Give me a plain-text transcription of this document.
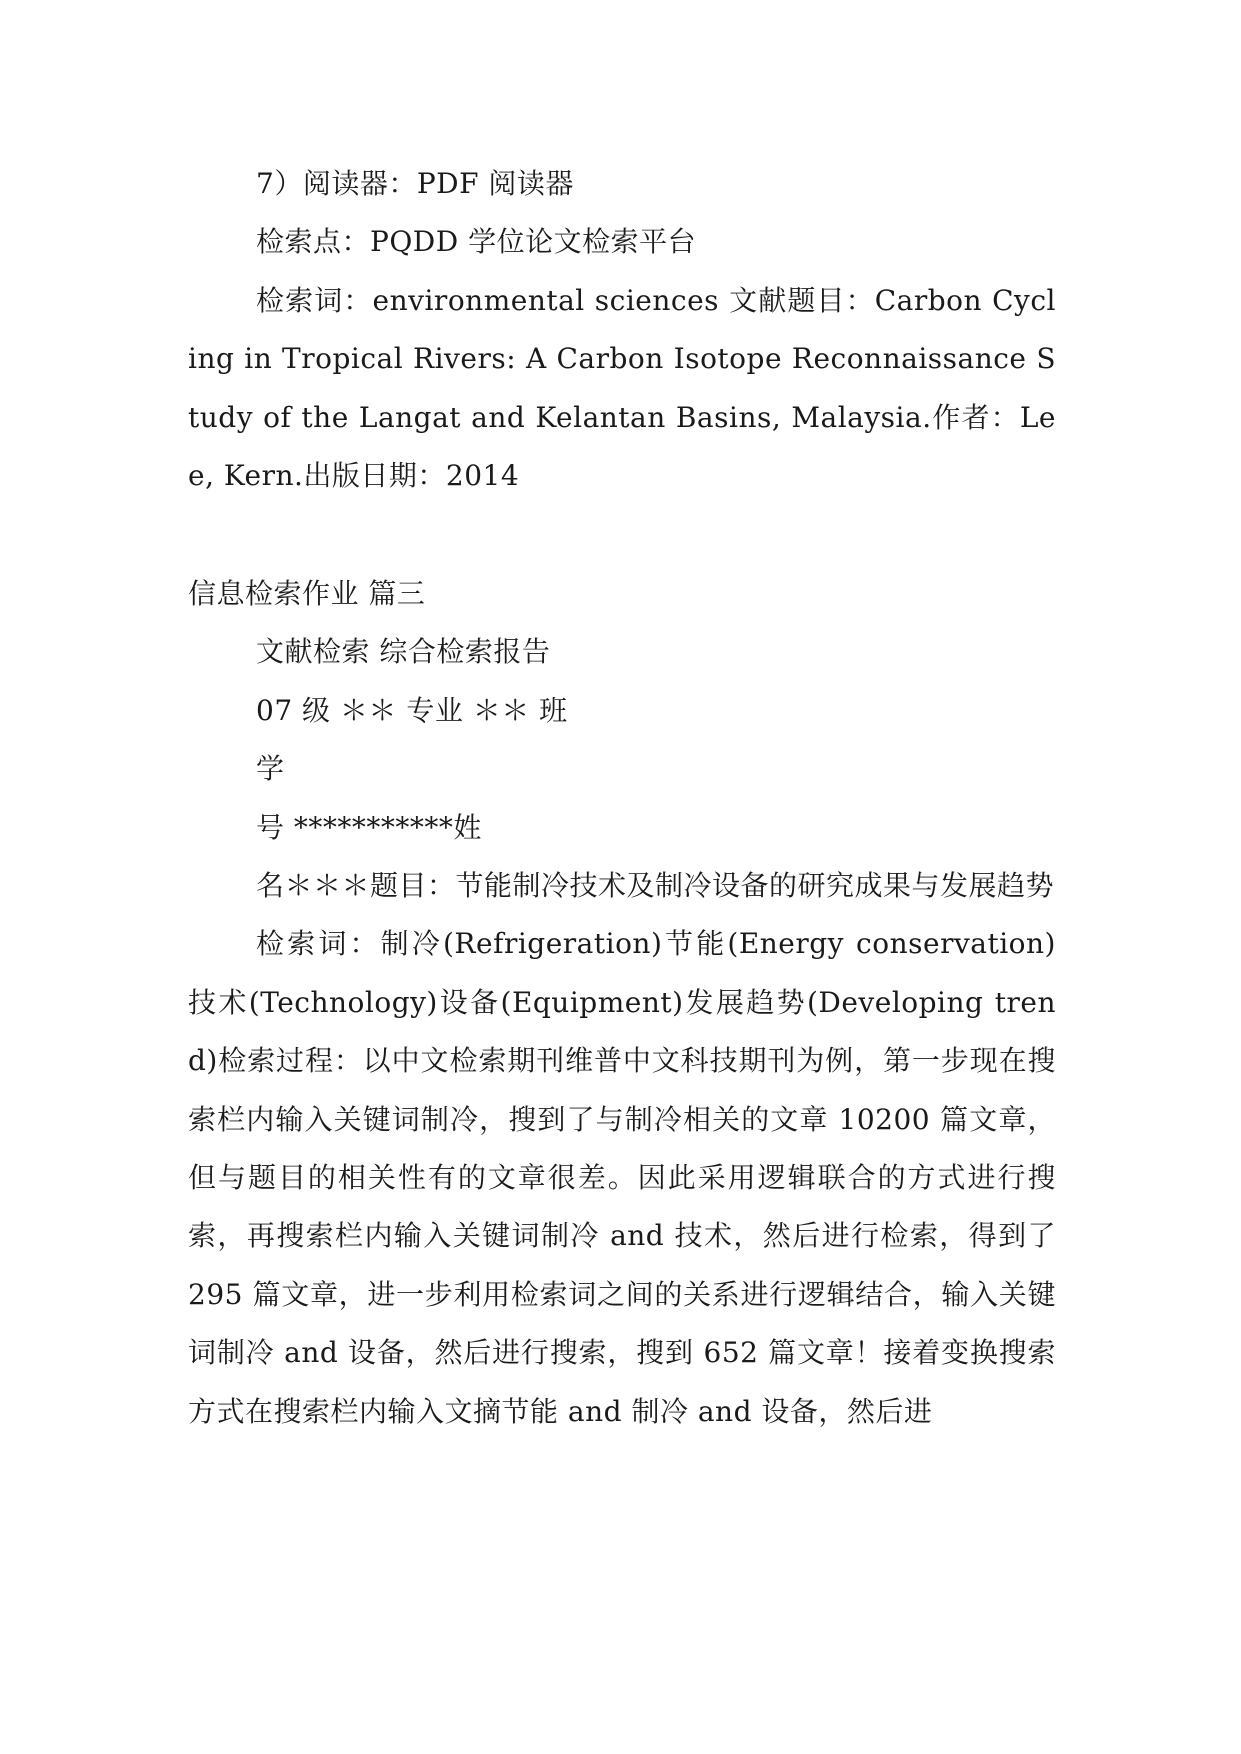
7）阅读器：PDF 阅读器

检索点：PQDD 学位论文检索平台

检索词：environmental sciences 文献题目：Carbon Cycling in Tropical Rivers: A Carbon Isotope Reconnaissance Study of the Langat and Kelantan Basins, Malaysia.作者：Lee, Kern.出版日期：2014

信息检索作业 篇三

文献检索 综合检索报告

07 级 ＊＊ 专业 ＊＊ 班

学

号 ***********姓

名＊＊＊题目：节能制冷技术及制冷设备的研究成果与发展趋势

检索词：制冷(Refrigeration)节能(Energy conservation)技术(Technology)设备(Equipment)发展趋势(Developing trend)检索过程：以中文检索期刊维普中文科技期刊为例，第一步现在搜索栏内输入关键词制冷，搜到了与制冷相关的文章 10200 篇文章，但与题目的相关性有的文章很差。因此采用逻辑联合的方式进行搜索，再搜索栏内输入关键词制冷 and 技术，然后进行检索，得到了 295 篇文章，进一步利用检索词之间的关系进行逻辑结合，输入关键词制冷 and 设备，然后进行搜索，搜到 652 篇文章！接着变换搜索方式在搜索栏内输入文摘节能 and 制冷 and 设备，然后进
